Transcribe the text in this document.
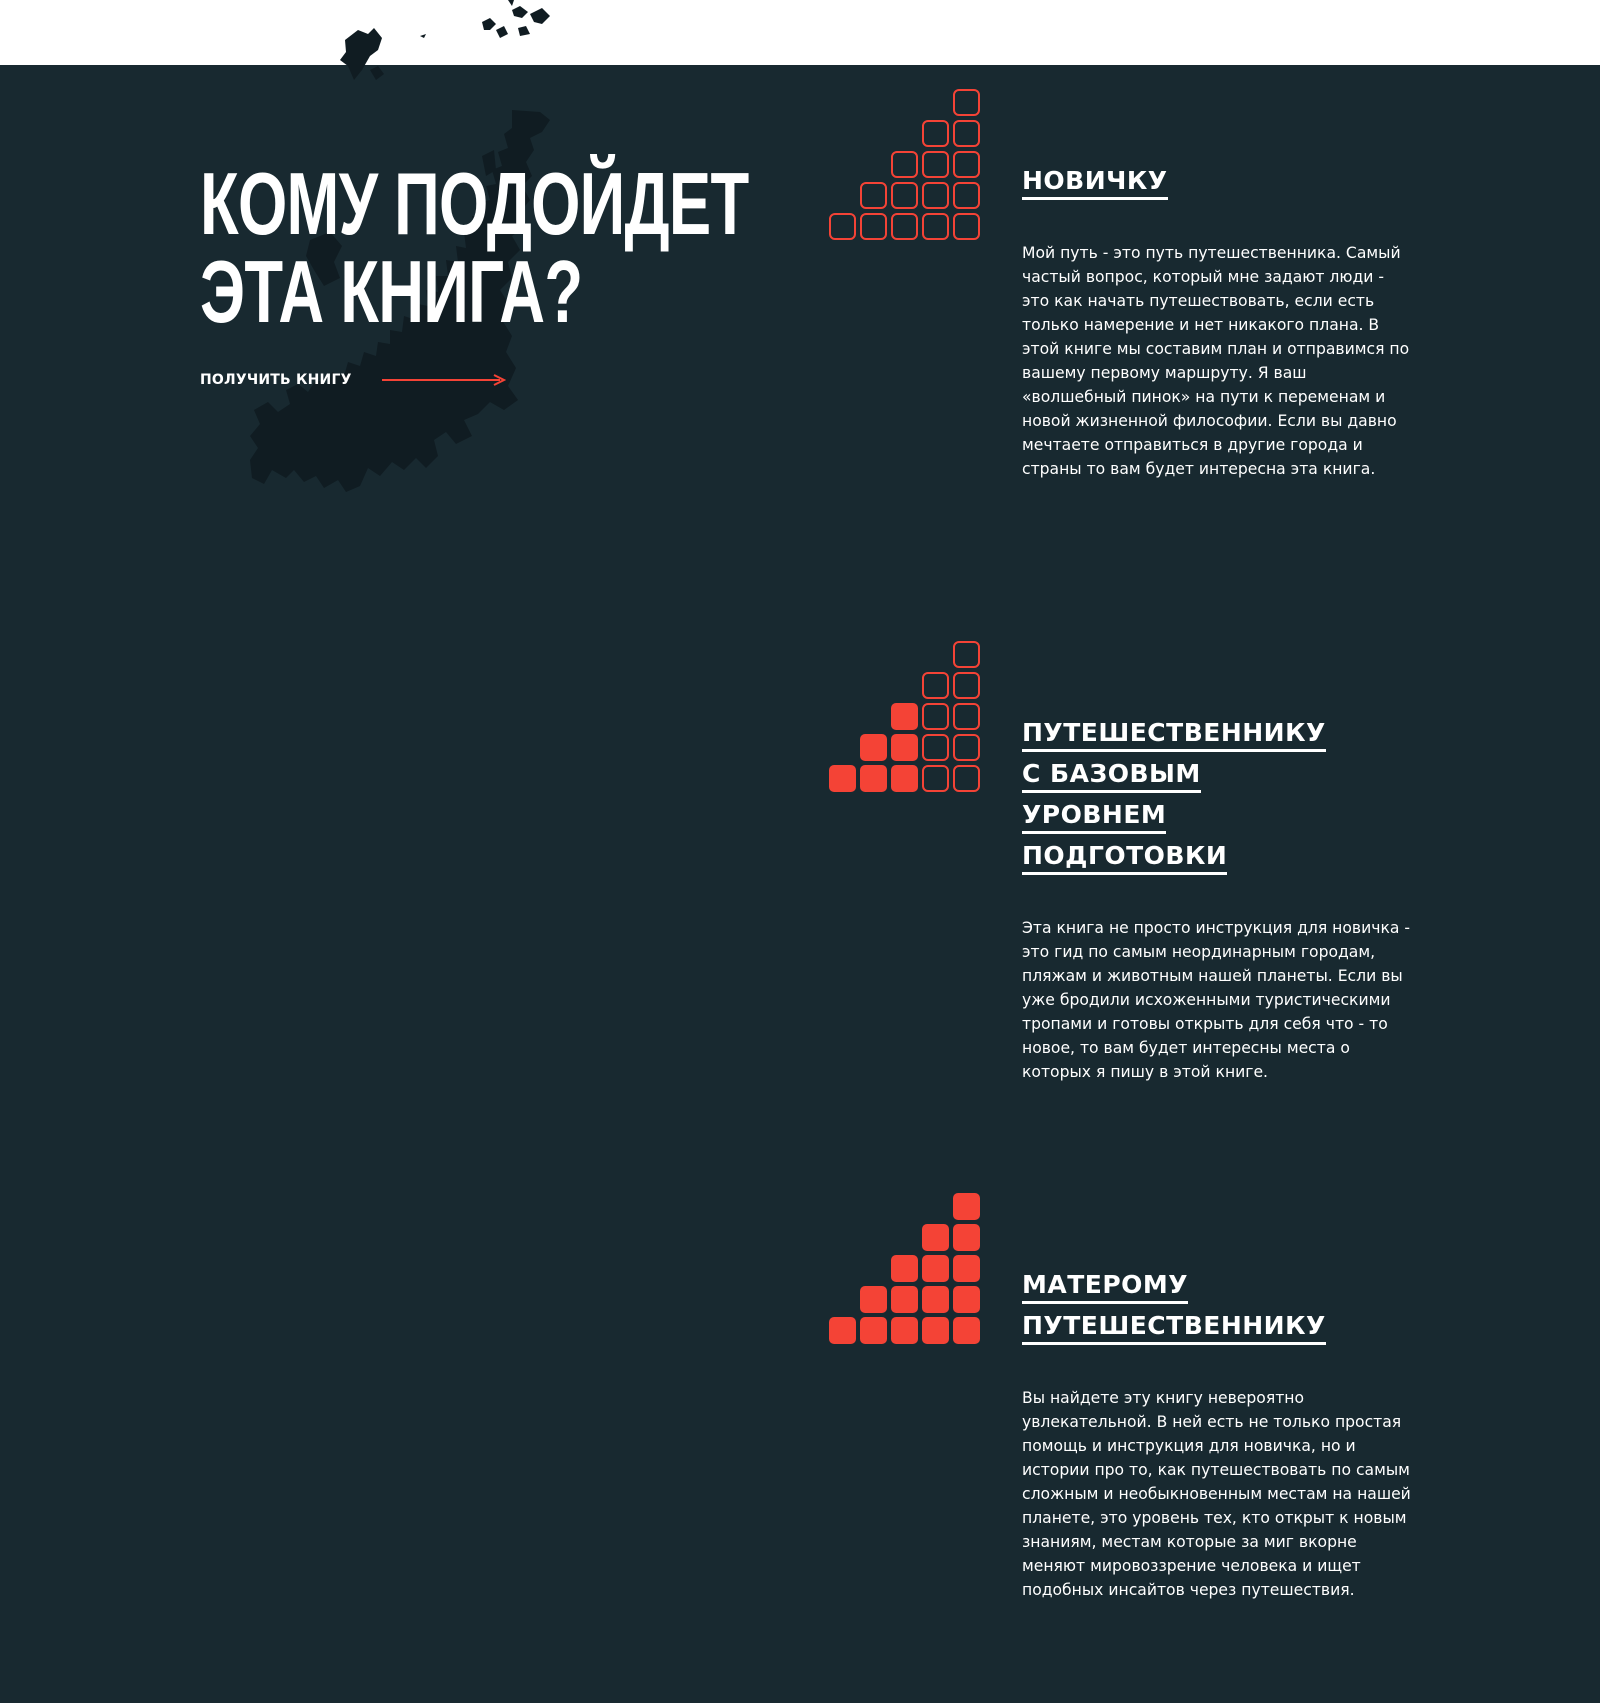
КОМУ ПОДОЙДЕТ
ЭТА КНИГА?
ПОЛУЧИТЬ КНИГУ
НОВИЧКУ

Мой путь - это путь путешественника. Самый частый вопрос, который мне задают люди - это как начать путешествовать, если есть только намерение и нет никакого плана. В этой книге мы составим план и отправимся по вашему первому маршруту. Я ваш «волшебный пинок» на пути к переменам и новой жизненной философии. Если вы давно мечтаете отправиться в другие города и страны то вам будет интересна эта книга.

ПУТЕШЕСТВЕННИКУ С БАЗОВЫМ УРОВНЕМ ПОДГОТОВКИ

Эта книга не просто инструкция для новичка - это гид по самым неординарным городам, пляжам и животным нашей планеты. Если вы уже бродили исхоженными туристическими тропами и готовы открыть для себя что - то новое, то вам будет интересны места о которых я пишу в этой книге.

МАТЕРОМУ ПУТЕШЕСТВЕННИКУ

Вы найдете эту книгу невероятно увлекательной. В ней есть не только простая помощь и инструкция для новичка, но и истории про то, как путешествовать по самым сложным и необыкновенным местам на нашей планете, это уровень тех, кто открыт к новым знаниям, местам которые за миг вкорне меняют мировоззрение человека и ищет подобных инсайтов через путешествия.
